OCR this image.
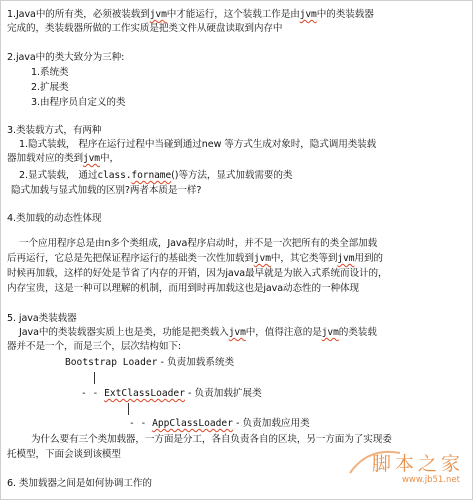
1.Java中的所有类，必须被装载到jvm中才能运行，这个装载工作是由jvm中的类装载器
完成的，类装载器所做的工作实质是把类文件从硬盘读取到内存中
2.java中的类大致分为三种:
1.系统类
2.扩展类
3.由程序员自定义的类
3.类装载方式，有两种
1.隐式装载， 程序在运行过程中当碰到通过new 等方式生成对象时，隐式调用类装载
器加载对应的类到jvm中，
2.显式装载， 通过class.forname()等方法，显式加载需要的类
隐式加载与显式加载的区别?两者本质是一样?
4.类加载的动态性体现
一个应用程序总是由n多个类组成，Java程序启动时，并不是一次把所有的类全部加载
后再运行，它总是先把保证程序运行的基础类一次性加载到jvm中，其它类等到jvm用到的
时候再加载，这样的好处是节省了内存的开销，因为java最早就是为嵌入式系统而设计的，
内存宝贵，这是一种可以理解的机制，而用到时再加载这也是java动态性的一种体现
5. java类装载器
Java中的类装载器实质上也是类，功能是把类载入jvm中，值得注意的是jvm的类装载
器并不是一个，而是三个，层次结构如下:
Bootstrap Loader - 负责加载系统类
- - ExtClassLoader - 负责加载扩展类
- - AppClassLoader - 负责加载应用类
为什么要有三个类加载器，一方面是分工，各自负责各自的区块，另一方面为了实现委
托模型，下面会谈到该模型
6. 类加载器之间是如何协调工作的
脚本之家
www.jb51.net
